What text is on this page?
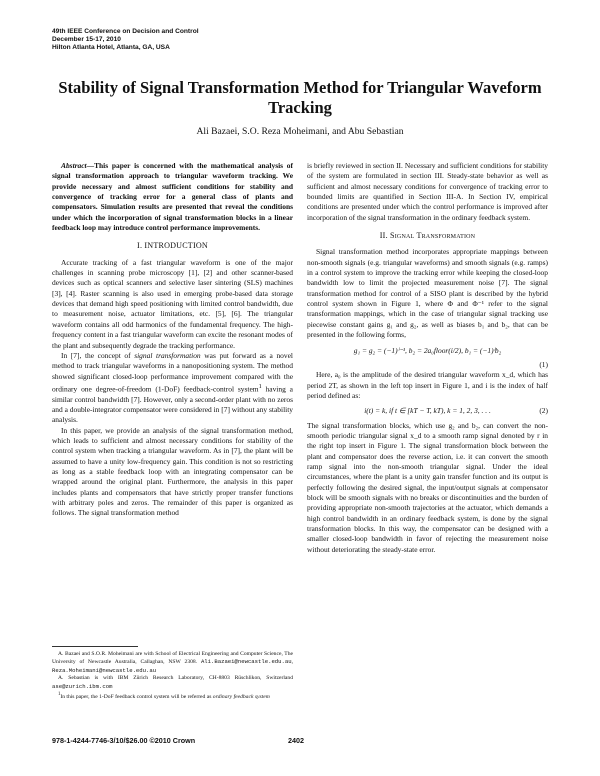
49th IEEE Conference on Decision and Control
December 15-17, 2010
Hilton Atlanta Hotel, Atlanta, GA, USA
Stability of Signal Transformation Method for Triangular Waveform Tracking
Ali Bazaei, S.O. Reza Moheimani, and Abu Sebastian

Abstract—This paper is concerned with the mathematical analysis of signal transformation approach to triangular waveform tracking. We provide necessary and almost sufficient conditions for stability and convergence of tracking error for a general class of plants and compensators. Simulation results are presented that reveal the conditions under which the incorporation of signal transformation blocks in a linear feedback loop may introduce control performance improvements.

I. INTRODUCTION

Accurate tracking of a fast triangular waveform is one of the major challenges in scanning probe microscopy [1], [2] and other scanner-based devices such as optical scanners and selective laser sintering (SLS) machines [3], [4]. Raster scanning is also used in emerging probe-based data storage devices that demand high speed positioning with limited control bandwidth, due to measurement noise, actuator limitations, etc. [5], [6]. The triangular waveform contains all odd harmonics of the fundamental frequency. The high-frequency content in a fast triangular waveform can excite the resonant modes of the plant and subsequently degrade the tracking performance.

In [7], the concept of signal transformation was put forward as a novel method to track triangular waveforms in a nanopositioning system. The method showed significant closed-loop performance improvement compared with the ordinary one degree-of-freedom (1-DoF) feedback-control system$^1$ having a similar control bandwidth [7]. However, only a second-order plant with no zeros and a double-integrator compensator were considered in [7] without any stability analysis.

In this paper, we provide an analysis of the signal transformation method, which leads to sufficient and almost necessary conditions for stability of the control system when tracking a triangular waveform. As in [7], the plant will be assumed to have a unity low-frequency gain. This condition is not so restricting as long as a stable feedback loop with an integrating compensator can be wrapped around the original plant. Furthermore, the analysis in this paper includes plants and compensators that have strictly proper transfer functions with arbitrary poles and zeros. The remainder of this paper is organized as follows. The signal transformation method

is briefly reviewed in section II. Necessary and sufficient conditions for stability of the system are formulated in section III. Steady-state behavior as well as sufficient and almost necessary conditions for convergence of tracking error to bounded limits are quantified in Section III-A. In Section IV, empirical conditions are presented under which the control performance is improved after incorporation of the signal transformation in the ordinary feedback system.

II. Signal Transformation

Signal transformation method incorporates appropriate mappings between non-smooth signals (e.g. triangular waveforms) and smooth signals (e.g. ramps) in a control system to improve the tracking error while keeping the closed-loop bandwidth low to limit the projected measurement noise [7]. The signal transformation method for control of a SISO plant is described by the hybrid control system shown in Figure 1, where Φ and Φ⁻¹ refer to the signal transformation mappings, which in the case of triangular signal tracking use piecewise constant gains g₁ and g₂, as well as biases b₁ and b₂, that can be presented in the following forms,

g₁ = g₂ = (−1)ⁱ⁻¹, b₂ = 2a₀floor(i/2), b₁ = (−1)ⁱb₂
(1)

Here, a₀ is the amplitude of the desired triangular waveform x_d, which has period 2T, as shown in the left top insert in Figure 1, and i is the index of half period defined as:

i(t) = k, if t ∈ [kT − T, kT), k = 1, 2, 3, . . .	(2)

The signal transformation blocks, which use g₂ and b₂, can convert the non-smooth periodic triangular signal x_d to a smooth ramp signal denoted by r in the right top insert in Figure 1. The signal transformation block between the plant and compensator does the reverse action, i.e. it can convert the smooth ramp signal into the non-smooth triangular signal. Under the ideal circumstances, where the plant is a unity gain transfer function and its output is perfectly following the desired signal, the input/output signals at compensator block will be smooth signals with no breaks or discontinuities and the burden of providing appropriate non-smooth trajectories at the actuator, which demands a high control bandwidth in an ordinary feedback system, is done by the signal transformation blocks. In this way, the compensator can be designed with a smaller closed-loop bandwidth in favor of rejecting the measurement noise without deteriorating the steady-state error.

A. Bazaei and S.O.R. Moheimani are with School of Electrical Engineering and Computer Science, The University of Newcastle Australia, Callaghan, NSW 2308. Ali.Bazaei@newcastle.edu.au, Reza.Moheimani@newcastle.edu.au

A. Sebastian is with IBM Zürich Research Laboratory, CH-8803 Rüschlikon, Switzerland ase@zurich.ibm.com

$^1$In this paper, the 1-DoF feedback control system will be referred as ordinary feedback system

978-1-4244-7746-3/10/$26.00 ©2010 Crown	2402
